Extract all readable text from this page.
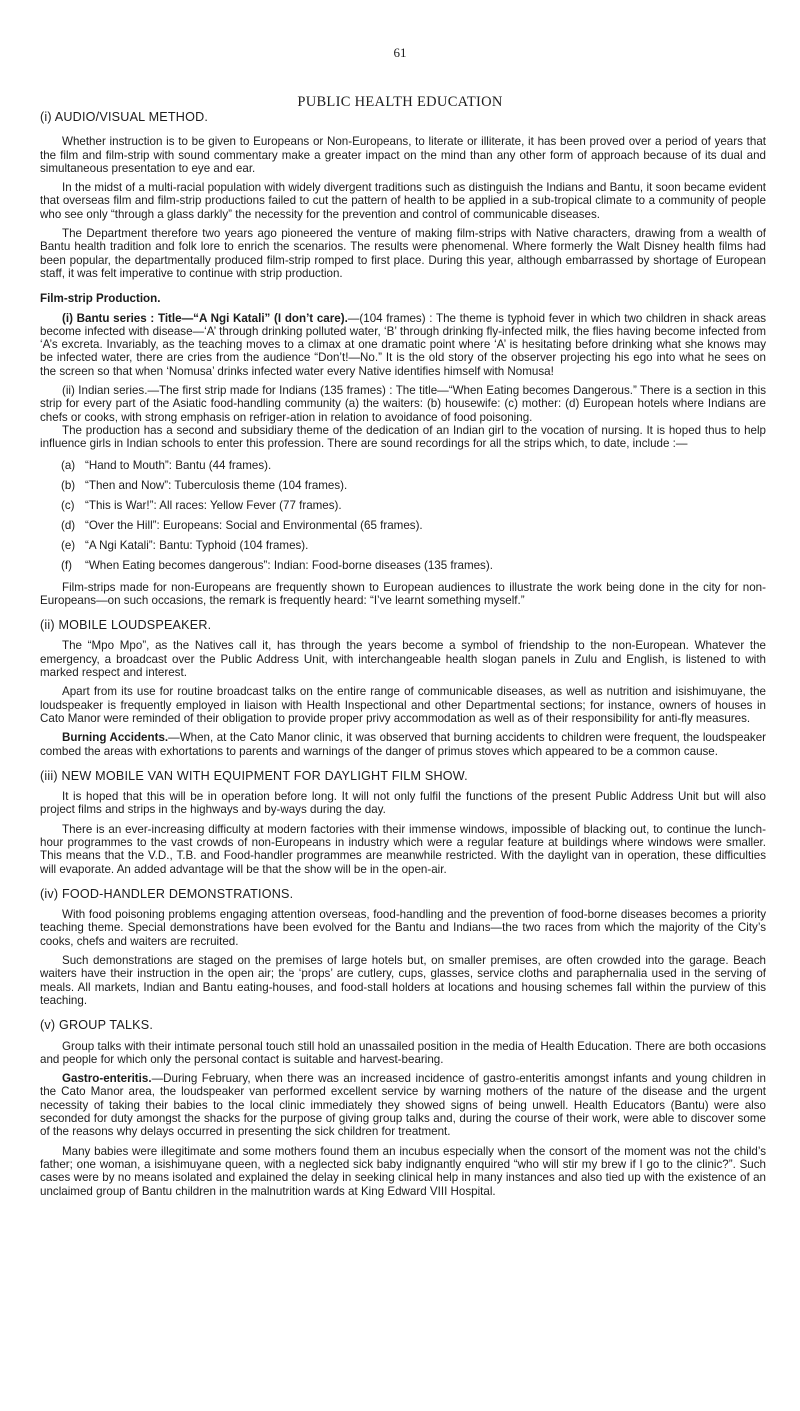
61
PUBLIC HEALTH EDUCATION
(i) AUDIO/VISUAL METHOD.

Whether instruction is to be given to Europeans or Non-Europeans, to literate or illiterate, it has been proved over a period of years that the film and film-strip with sound commentary make a greater impact on the mind than any other form of approach because of its dual and simultaneous presentation to eye and ear.

In the midst of a multi-racial population with widely divergent traditions such as distinguish the Indians and Bantu, it soon became evident that overseas film and film-strip productions failed to cut the pattern of health to be applied in a sub-tropical climate to a community of people who see only “through a glass darkly” the necessity for the prevention and control of communicable diseases.

The Department therefore two years ago pioneered the venture of making film-strips with Native characters, drawing from a wealth of Bantu health tradition and folk lore to enrich the scenarios. The results were phenomenal. Where formerly the Walt Disney health films had been popular, the departmentally produced film-strip romped to first place. During this year, although embarrassed by shortage of European staff, it was felt imperative to continue with strip production.

Film-strip Production.

(i) Bantu series : Title—“A Ngi Katali” (I don’t care).—(104 frames) : The theme is typhoid fever in which two children in shack areas become infected with disease—‘A’ through drinking polluted water, ‘B’ through drinking fly-infected milk, the flies having become infected from ‘A’s excreta. Invariably, as the teaching moves to a climax at one dramatic point where ‘A’ is hesitating before drinking what she knows may be infected water, there are cries from the audience “Don’t!—No.” It is the old story of the observer projecting his ego into what he sees on the screen so that when ‘Nomusa’ drinks infected water every Native identifies himself with Nomusa!

(ii) Indian series.—The first strip made for Indians (135 frames) : The title—“When Eating becomes Dangerous.” There is a section in this strip for every part of the Asiatic food-handling community (a) the waiters: (b) housewife: (c) mother: (d) European hotels where Indians are chefs or cooks, with strong emphasis on refriger-ation in relation to avoidance of food poisoning.

The production has a second and subsidiary theme of the dedication of an Indian girl to the vocation of nursing. It is hoped thus to help influence girls in Indian schools to enter this profession. There are sound recordings for all the strips which, to date, include :—

(a) “Hand to Mouth”: Bantu (44 frames).
(b) “Then and Now”: Tuberculosis theme (104 frames).
(c) “This is War!”: All races: Yellow Fever (77 frames).
(d) “Over the Hill”: Europeans: Social and Environmental (65 frames).
(e) “A Ngi Katali”: Bantu: Typhoid (104 frames).
(f)	“When Eating becomes dangerous”: Indian: Food-borne diseases (135 frames).

Film-strips made for non-Europeans are frequently shown to European audiences to illustrate the work being done in the city for non-Europeans—on such occasions, the remark is frequently heard: “I’ve learnt something myself.”

(ii) MOBILE LOUDSPEAKER.

The “Mpo Mpo”, as the Natives call it, has through the years become a symbol of friendship to the non-European. Whatever the emergency, a broadcast over the Public Address Unit, with interchangeable health slogan panels in Zulu and English, is listened to with marked respect and interest.

Apart from its use for routine broadcast talks on the entire range of communicable diseases, as well as nutrition and isishimuyane, the loudspeaker is frequently employed in liaison with Health Inspectional and other Departmental sections; for instance, owners of houses in Cato Manor were reminded of their obligation to provide proper privy accommodation as well as of their responsibility for anti-fly measures.

Burning Accidents.—When, at the Cato Manor clinic, it was observed that burning accidents to children were frequent, the loudspeaker combed the areas with exhortations to parents and warnings of the danger of primus stoves which appeared to be a common cause.

(iii) NEW MOBILE VAN WITH EQUIPMENT FOR DAYLIGHT FILM SHOW.

It is hoped that this will be in operation before long. It will not only fulfil the functions of the present Public Address Unit but will also project films and strips in the highways and by-ways during the day.

There is an ever-increasing difficulty at modern factories with their immense windows, impossible of blacking out, to continue the lunch-hour programmes to the vast crowds of non-Europeans in industry which were a regular feature at buildings where windows were smaller. This means that the V.D., T.B. and Food-handler programmes are meanwhile restricted. With the daylight van in operation, these difficulties will evaporate. An added advantage will be that the show will be in the open-air.

(iv) FOOD-HANDLER DEMONSTRATIONS.

With food poisoning problems engaging attention overseas, food-handling and the prevention of food-borne diseases becomes a priority teaching theme. Special demonstrations have been evolved for the Bantu and Indians—the two races from which the majority of the City’s cooks, chefs and waiters are recruited.

Such demonstrations are staged on the premises of large hotels but, on smaller premises, are often crowded into the garage. Beach waiters have their instruction in the open air; the ‘props’ are cutlery, cups, glasses, service cloths and paraphernalia used in the serving of meals. All markets, Indian and Bantu eating-houses, and food-stall holders at locations and housing schemes fall within the purview of this teaching.

(v) GROUP TALKS.

Group talks with their intimate personal touch still hold an unassailed position in the media of Health Education. There are both occasions and people for which only the personal contact is suitable and harvest-bearing.

Gastro-enteritis.—During February, when there was an increased incidence of gastro-enteritis amongst infants and young children in the Cato Manor area, the loudspeaker van performed excellent service by warning mothers of the nature of the disease and the urgent necessity of taking their babies to the local clinic immediately they showed signs of being unwell. Health Educators (Bantu) were also seconded for duty amongst the shacks for the purpose of giving group talks and, during the course of their work, were able to discover some of the reasons why delays occurred in presenting the sick children for treatment.

Many babies were illegitimate and some mothers found them an incubus especially when the consort of the moment was not the child’s father; one woman, a isishimuyane queen, with a neglected sick baby indignantly enquired “who will stir my brew if I go to the clinic?”. Such cases were by no means isolated and explained the delay in seeking clinical help in many instances and also tied up with the existence of an unclaimed group of Bantu children in the malnutrition wards at King Edward VIII Hospital.
